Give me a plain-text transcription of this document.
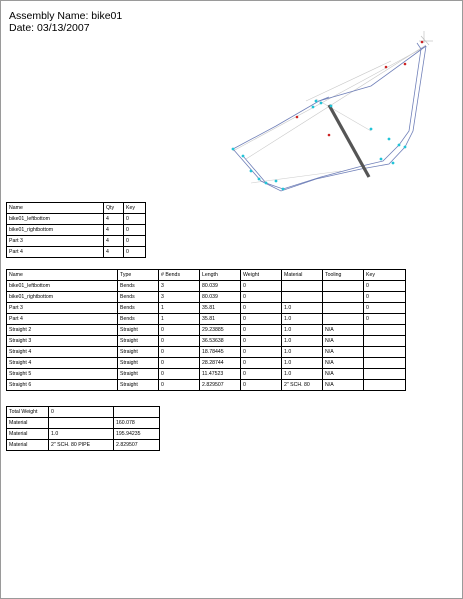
Assembly Name: bike01
Date: 03/13/2007
Name	Qty	Key
bike01_leftbottom	4	0
bike01_rightbottom	4	0
Part 3	4	0
Part 4	4	0
Name	Type	# Bends	Length	Weight	Material	Tooling	Key
bike01_leftbottom	Bends	3	80.039	0			0
bike01_rightbottom	Bends	3	80.039	0			0
Part 3	Bends	1	35.81	0	1.0		0
Part 4	Bends	1	35.81	0	1.0		0
Straight 2	Straight	0	29.23885	0	1.0	N/A	
Straight 3	Straight	0	36.53638	0	1.0	N/A	
Straight 4	Straight	0	18.78445	0	1.0	N/A	
Straight 4	Straight	0	28.28744	0	1.0	N/A	
Straight 5	Straight	0	11.47523	0	1.0	N/A	
Straight 6	Straight	0	2.829507	0	2" SCH. 80	N/A	
Total Weight	0	
Material		160.078
Material	1.0	195.94235
Material	2" SCH. 80 PIPE	2.829507
